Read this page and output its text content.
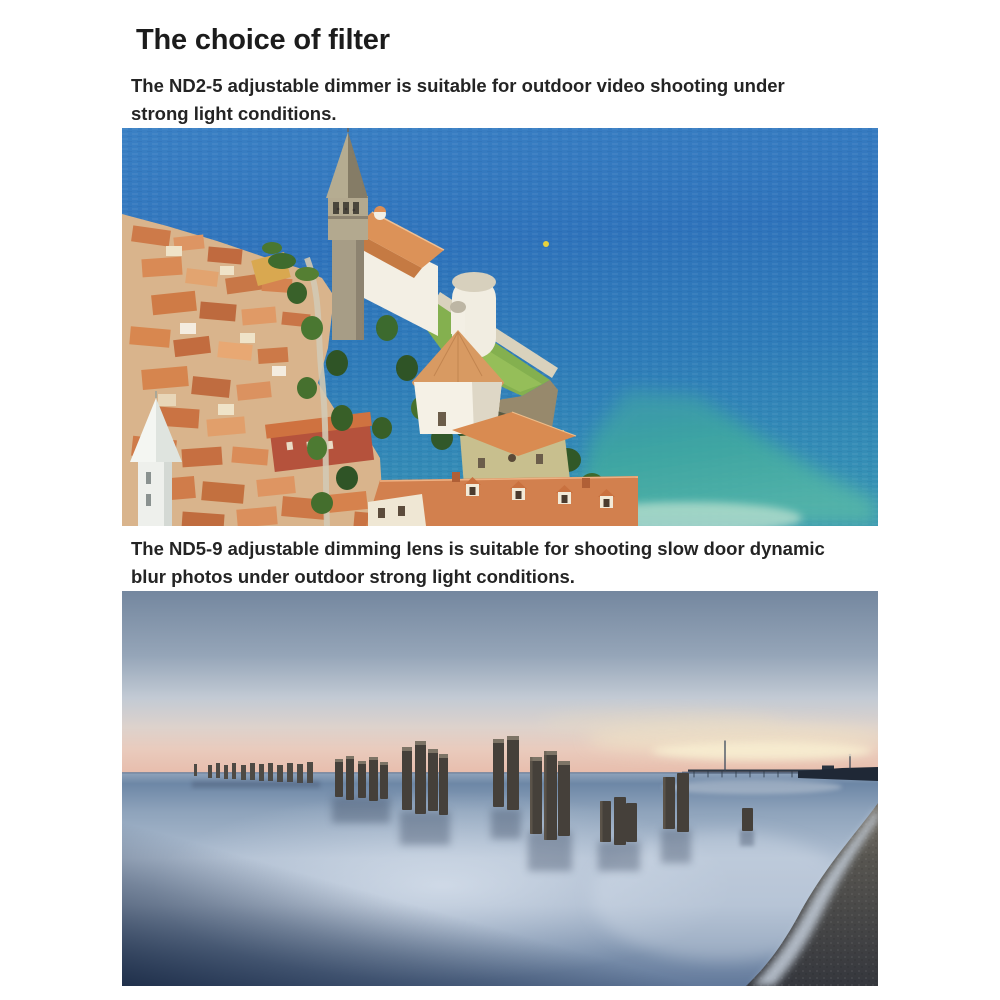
The choice of filter
The ND2-5 adjustable dimmer is suitable for outdoor video shooting under
strong light conditions.
The ND5-9 adjustable dimming lens is suitable for shooting slow door dynamic
blur photos under outdoor strong light conditions.
